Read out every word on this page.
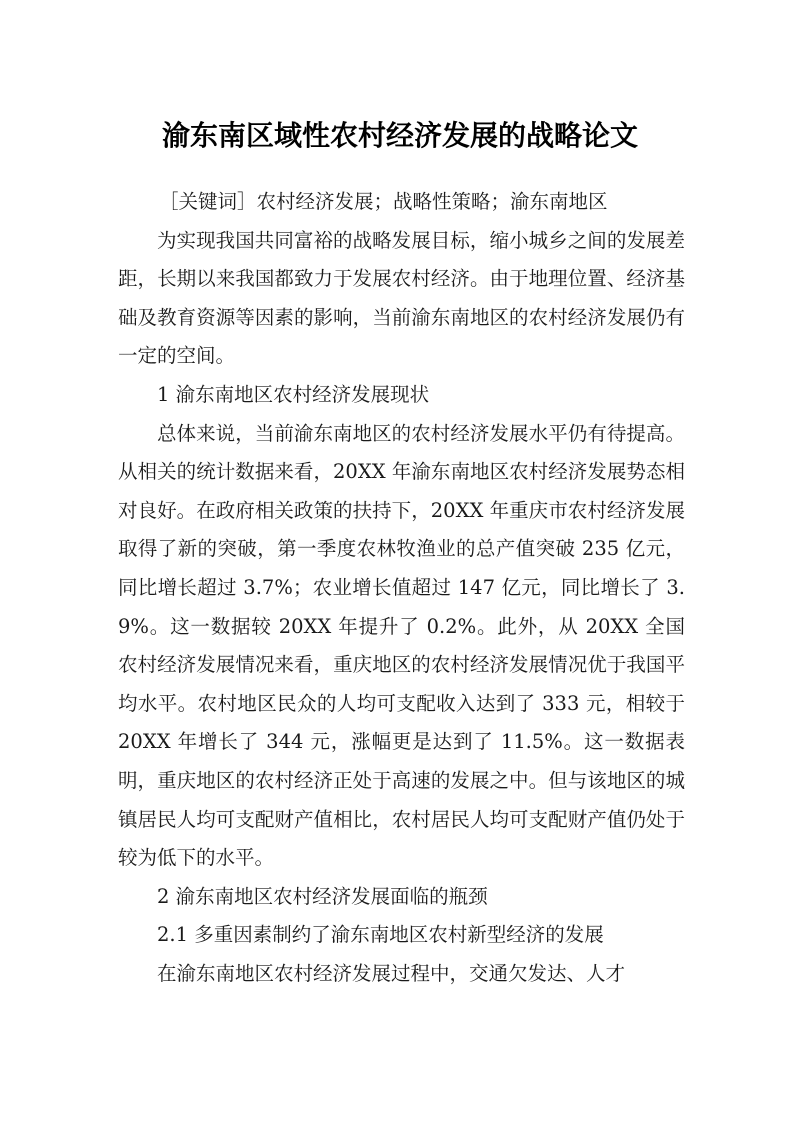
渝东南区域性农村经济发展的战略论文

［关键词］农村经济发展；战略性策略；渝东南地区

为实现我国共同富裕的战略发展目标，缩小城乡之间的发展差距，长期以来我国都致力于发展农村经济。由于地理位置、经济基础及教育资源等因素的影响，当前渝东南地区的农村经济发展仍有一定的空间。

1 渝东南地区农村经济发展现状

总体来说，当前渝东南地区的农村经济发展水平仍有待提高。从相关的统计数据来看，20XX 年渝东南地区农村经济发展势态相对良好。在政府相关政策的扶持下，20XX 年重庆市农村经济发展取得了新的突破，第一季度农林牧渔业的总产值突破 235 亿元，同比增长超过 3.7%；农业增长值超过 147 亿元，同比增长了 3.9%。这一数据较 20XX 年提升了 0.2%。此外，从 20XX 全国农村经济发展情况来看，重庆地区的农村经济发展情况优于我国平均水平。农村地区民众的人均可支配收入达到了 333 元，相较于 20XX 年增长了 344 元，涨幅更是达到了 11.5%。这一数据表明，重庆地区的农村经济正处于高速的发展之中。但与该地区的城镇居民人均可支配财产值相比，农村居民人均可支配财产值仍处于较为低下的水平。

2 渝东南地区农村经济发展面临的瓶颈

2.1 多重因素制约了渝东南地区农村新型经济的发展

在渝东南地区农村经济发展过程中，交通欠发达、人才
